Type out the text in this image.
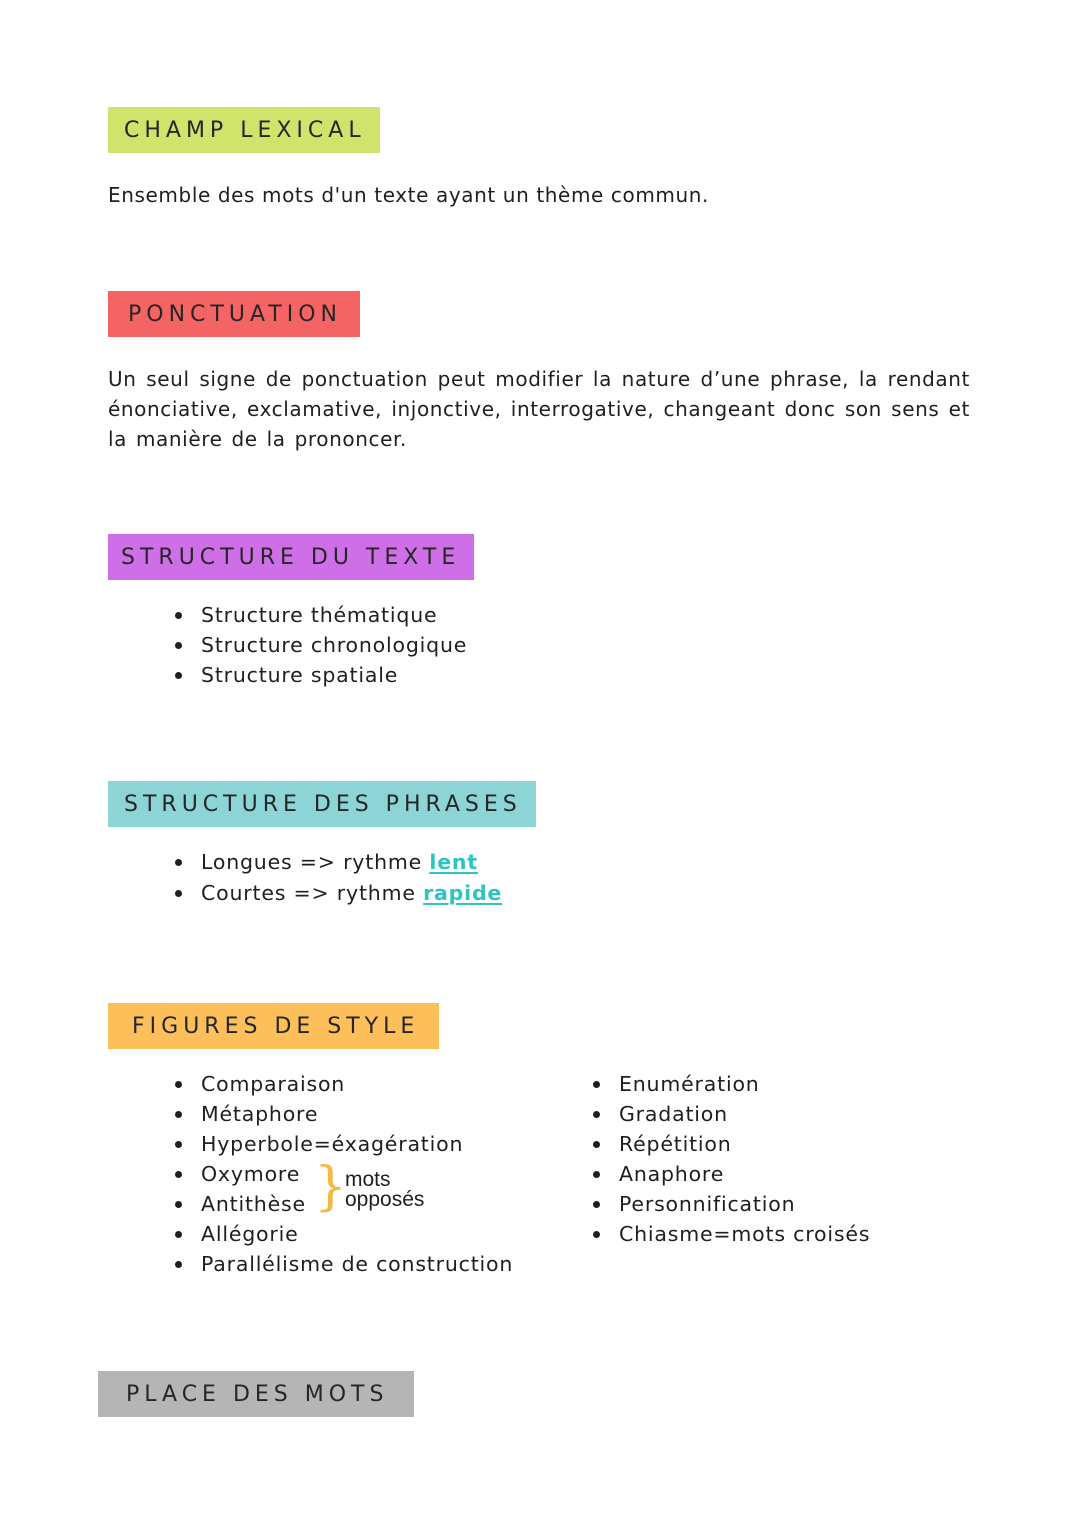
CHAMP LEXICAL

Ensemble des mots d'un texte ayant un thème commun.

PONCTUATION

Un seul signe de ponctuation peut modifier la nature d’une phrase, la rendant énonciative, exclamative, injonctive, interrogative, changeant donc son sens et la manière de la prononcer.

STRUCTURE DU TEXTE
Structure thématique
Structure chronologique
Structure spatiale
STRUCTURE DES PHRASES
Longues => rythme lent
Courtes => rythme rapide
FIGURES DE STYLE
Comparaison
Métaphore
Hyperbole=éxagération
Oxymore
Antithèse
Allégorie
Parallélisme de construction
}
mots
opposés
Enumération
Gradation
Répétition
Anaphore
Personnification
Chiasme=mots croisés
PLACE DES MOTS
